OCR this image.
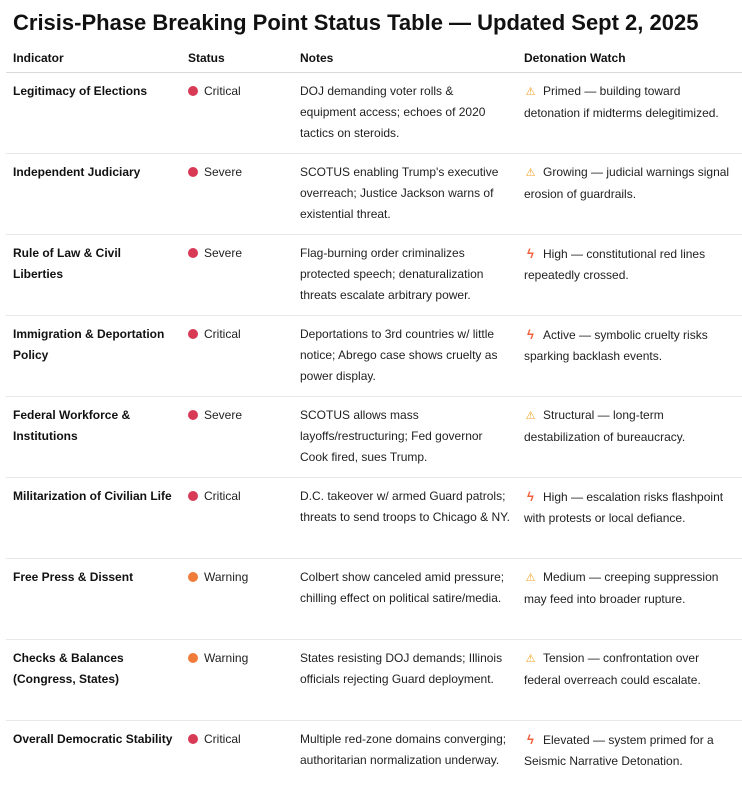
Crisis-Phase Breaking Point Status Table — Updated Sept 2, 2025
Indicator	Status	Notes	Detonation Watch
Legitimacy of Elections	Critical	DOJ demanding voter rolls & equipment access; echoes of 2020 tactics on steroids.	⚠ Primed — building toward detonation if midterms delegitimized.
Independent Judiciary	Severe	SCOTUS enabling Trump's executive overreach; Justice Jackson warns of existential threat.	⚠ Growing — judicial warnings signal erosion of guardrails.
Rule of Law & Civil Liberties	Severe	Flag-burning order criminalizes protected speech; denaturalization threats escalate arbitrary power.	ϟ High — constitutional red lines repeatedly crossed.
Immigration & Deportation Policy	Critical	Deportations to 3rd countries w/ little notice; Abrego case shows cruelty as power display.	ϟ Active — symbolic cruelty risks sparking backlash events.
Federal Workforce & Institutions	Severe	SCOTUS allows mass layoffs/restructuring; Fed governor Cook fired, sues Trump.	⚠ Structural — long-term destabilization of bureaucracy.
Militarization of Civilian Life	Critical	D.C. takeover w/ armed Guard patrols; threats to send troops to Chicago & NY.	ϟ High — escalation risks flashpoint with protests or local defiance.
Free Press & Dissent	Warning	Colbert show canceled amid pressure; chilling effect on political satire/media.	⚠ Medium — creeping suppression may feed into broader rupture.
Checks & Balances (Congress, States)	Warning	States resisting DOJ demands; Illinois officials rejecting Guard deployment.	⚠ Tension — confrontation over federal overreach could escalate.
Overall Democratic Stability	Critical	Multiple red-zone domains converging; authoritarian normalization underway.	ϟ Elevated — system primed for a Seismic Narrative Detonation.
